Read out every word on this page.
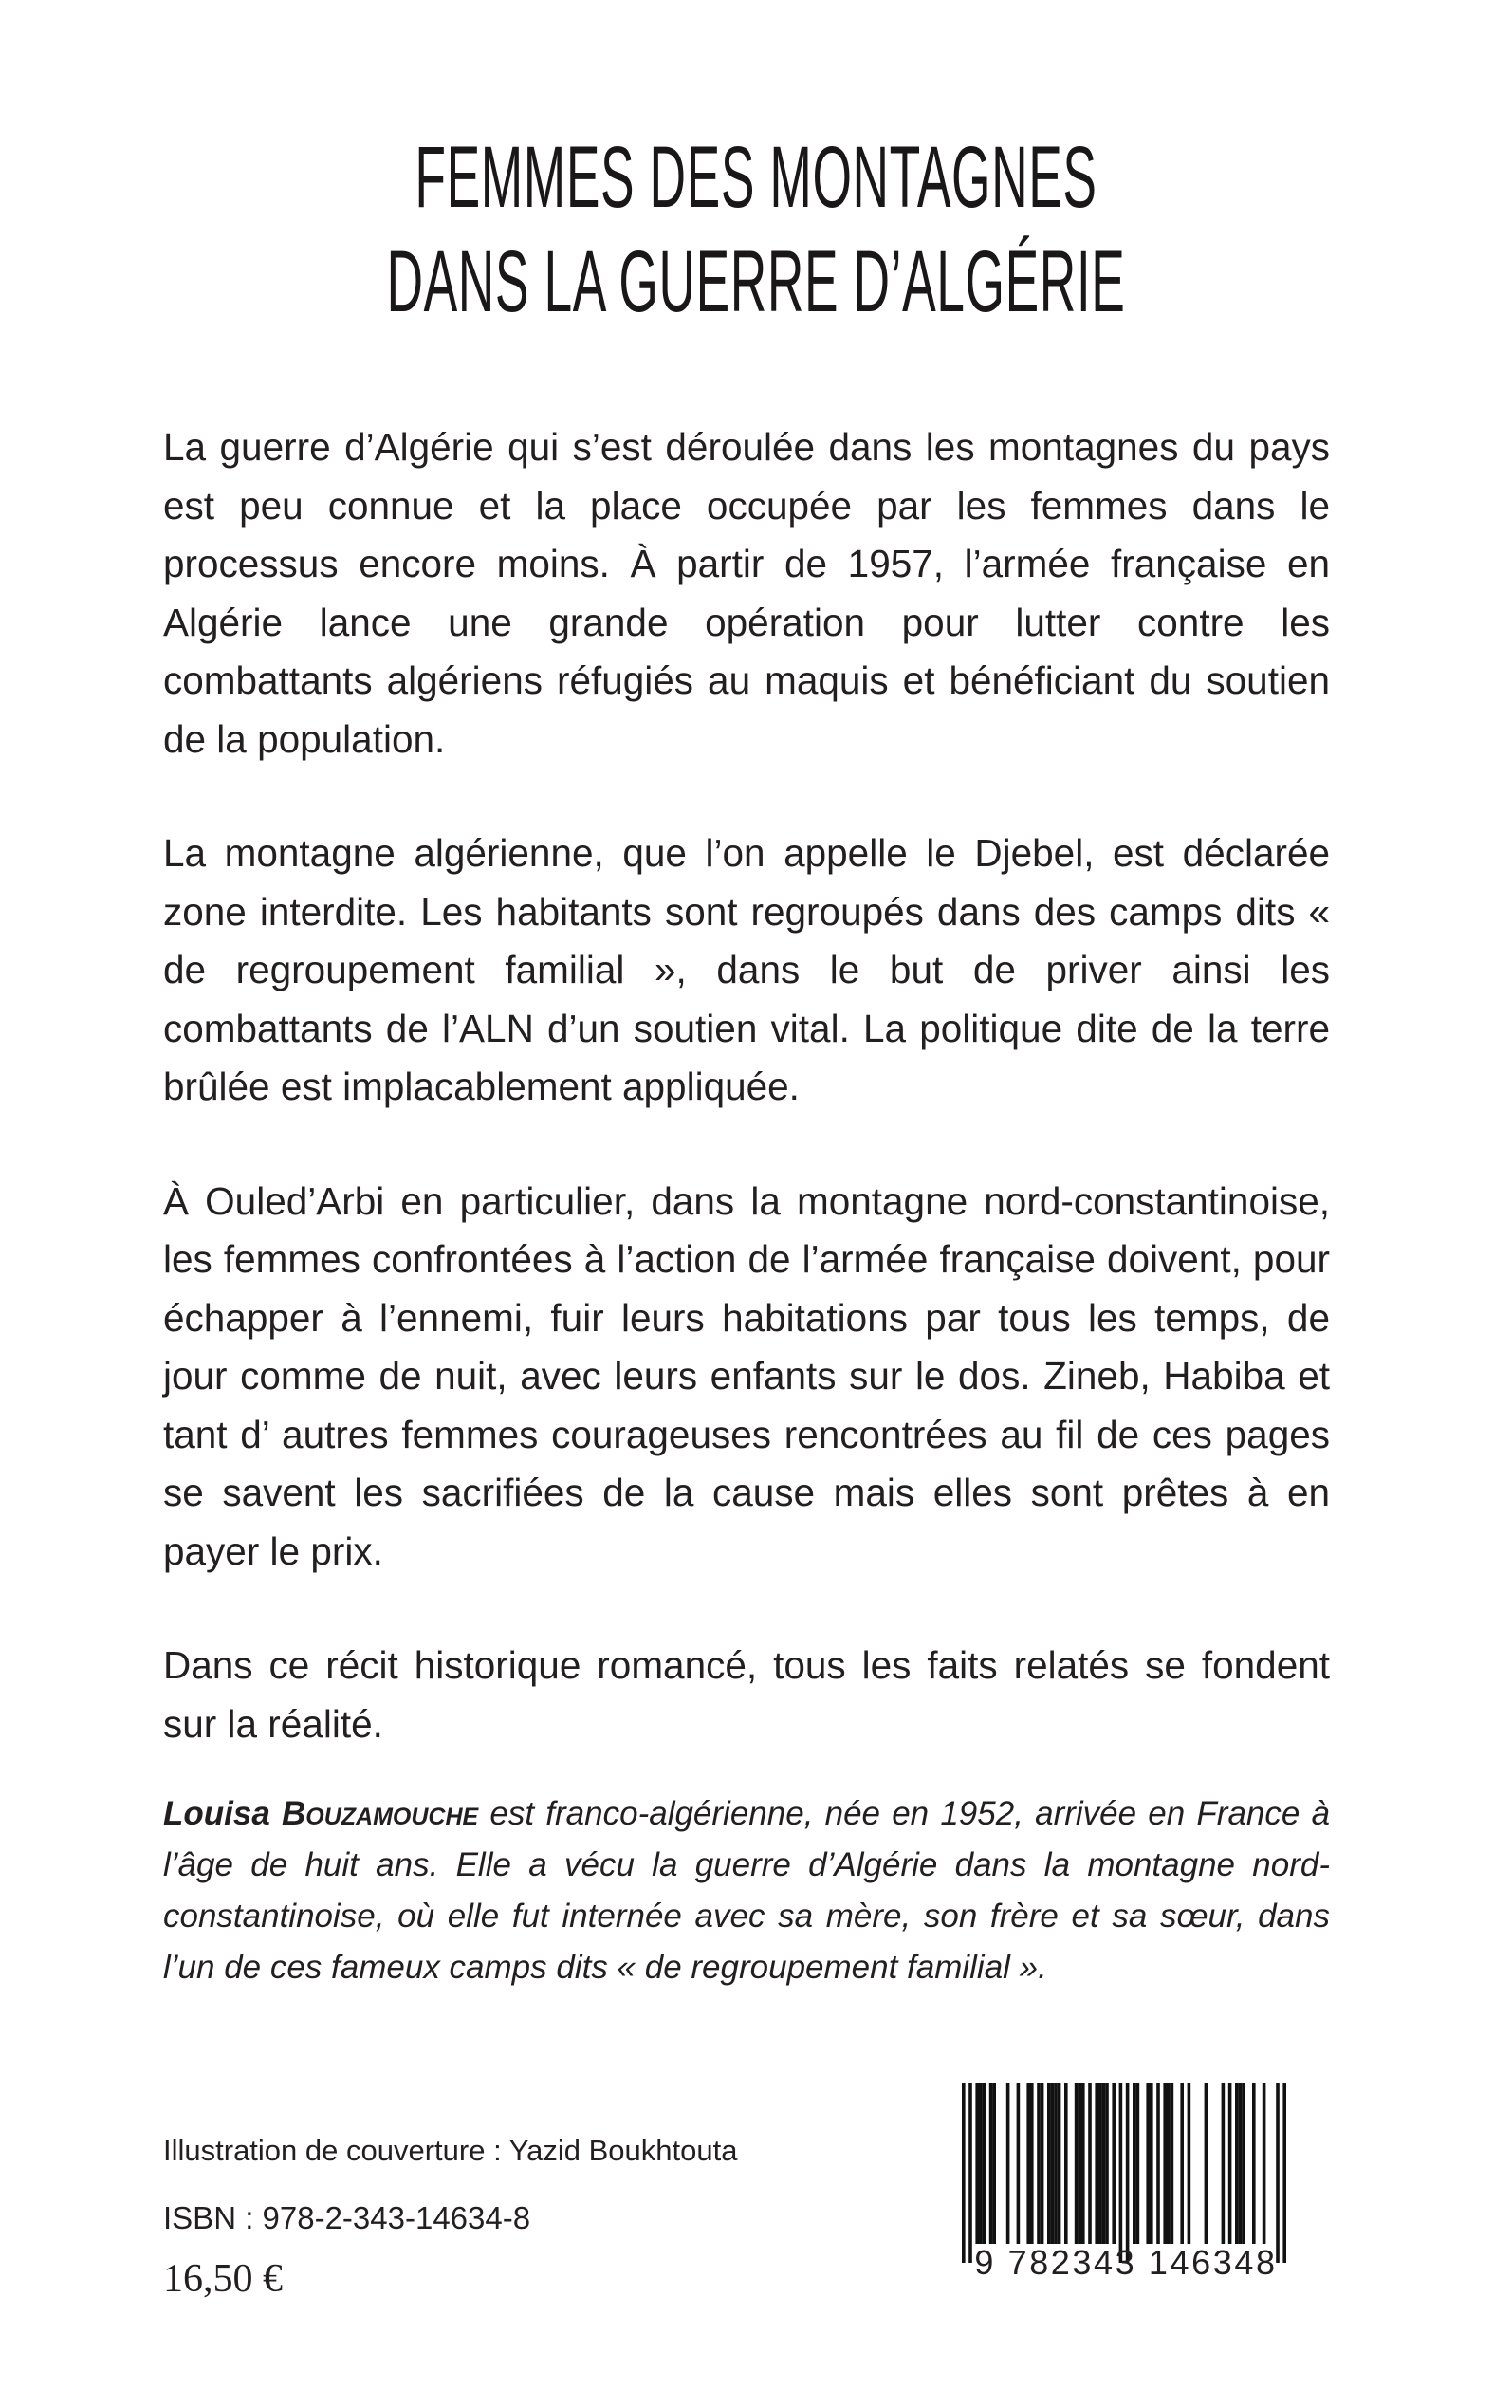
FEMMES DES MONTAGNES
DANS LA GUERRE D’ALGÉRIE

La guerre d’Algérie qui s’est déroulée dans les montagnes du pays est peu connue et la place occupée par les femmes dans le processus encore moins. À partir de 1957, l’armée française en Algérie lance une grande opération pour lutter contre les combattants algériens réfugiés au maquis et bénéficiant du soutien de la population.

La montagne algérienne, que l’on appelle le Djebel, est déclarée zone interdite. Les habitants sont regroupés dans des camps dits « de regroupement familial », dans le but de priver ainsi les combattants de l’ALN d’un soutien vital. La politique dite de la terre brûlée est implacablement appliquée.

À Ouled’Arbi en particulier, dans la montagne nord-constantinoise, les femmes confrontées à l’action de l’armée française doivent, pour échapper à l’ennemi, fuir leurs habitations par tous les temps, de jour comme de nuit, avec leurs enfants sur le dos. Zineb, Habiba et tant d’ autres femmes courageuses rencontrées au fil de ces pages se savent les sacrifiées de la cause mais elles sont prêtes à en payer le prix.

Dans ce récit historique romancé, tous les faits relatés se fondent sur la réalité.

Louisa Bouzamouche est franco-algérienne, née en 1952, arrivée en France à l’âge de huit ans. Elle a vécu la guerre d’Algérie dans la montagne nord-constantinoise, où elle fut internée avec sa mère, son frère et sa sœur, dans l’un de ces fameux camps dits « de regroupement familial ».

Illustration de couverture : Yazid Boukhtouta

ISBN : 978-2-343-14634-8

16,50 €	9 782343 146348
